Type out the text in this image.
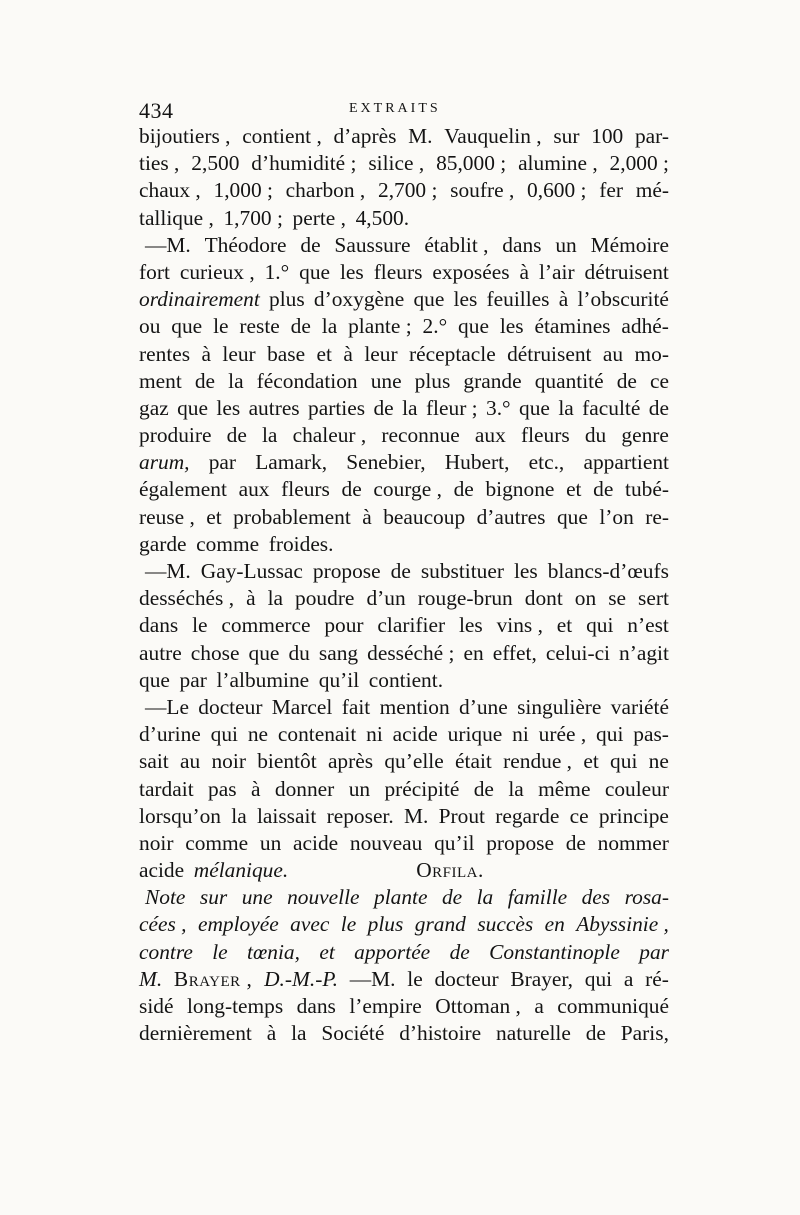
434	EXTRAITS
bijoutiers , contient , d’après M. Vauquelin , sur 100 par-
ties , 2,500 d’humidité ; silice , 85,000 ; alumine , 2,000 ;
chaux , 1,000 ; charbon , 2,700 ; soufre , 0,600 ; fer mé-
tallique , 1,700 ; perte , 4,500.
—M. Théodore de Saussure établit , dans un Mémoire
fort curieux , 1.° que les fleurs exposées à l’air détruisent
ordinairement plus d’oxygène que les feuilles à l’obscurité
ou que le reste de la plante ; 2.° que les étamines adhé-
rentes à leur base et à leur réceptacle détruisent au mo-
ment de la fécondation une plus grande quantité de ce
gaz que les autres parties de la fleur ; 3.° que la faculté de
produire de la chaleur , reconnue aux fleurs du genre
arum, par Lamark, Senebier, Hubert, etc., appartient
également aux fleurs de courge , de bignone et de tubé-
reuse , et probablement à beaucoup d’autres que l’on re-
garde comme froides.
—M. Gay-Lussac propose de substituer les blancs-d’œufs
desséchés , à la poudre d’un rouge-brun dont on se sert
dans le commerce pour clarifier les vins , et qui n’est
autre chose que du sang desséché ; en effet, celui-ci n’agit
que par l’albumine qu’il contient.
—Le docteur Marcel fait mention d’une singulière variété
d’urine qui ne contenait ni acide urique ni urée , qui pas-
sait au noir bientôt après qu’elle était rendue , et qui ne
tardait pas à donner un précipité de la même couleur
lorsqu’on la laissait reposer. M. Prout regarde ce principe
noir comme un acide nouveau qu’il propose de nommer
acide mélanique.	Orfila.
Note sur une nouvelle plante de la famille des rosa-
cées , employée avec le plus grand succès en Abyssinie ,
contre le tœnia, et apportée de Constantinople par
M. Brayer , D.-M.-P. —M. le docteur Brayer, qui a ré-
sidé long-temps dans l’empire Ottoman , a communiqué
dernièrement à la Société d’histoire naturelle de Paris,
